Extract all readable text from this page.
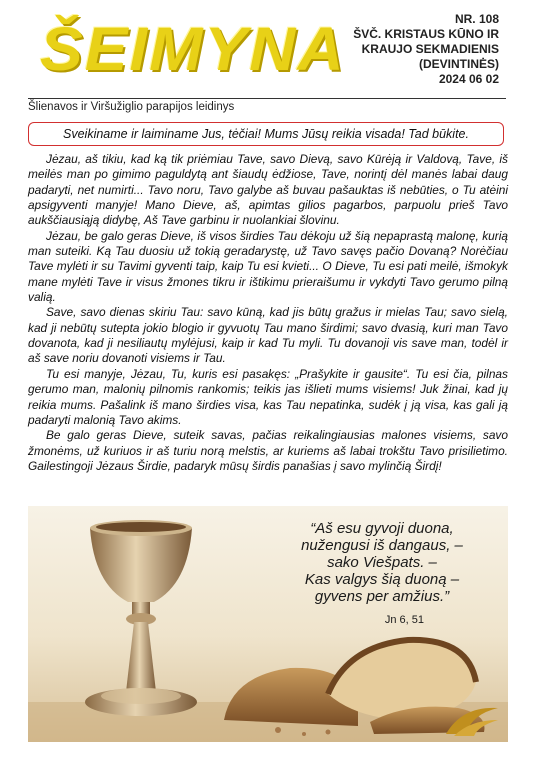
ŠEIMYNA	NR. 108
ŠVČ. KRISTAUS KŪNO IR
KRAUJO SEKMADIENIS
(DEVINTINĖS)
2024 06 02
Šlienavos ir Viršužiglio parapijos leidinys
Sveikiname ir laiminame Jus, tėčiai! Mums Jūsų reikia visada! Tad būkite.

Jėzau, aš tikiu, kad ką tik priėmiau Tave, savo Dievą, savo Kūrėją ir Valdovą, Tave, iš meilės man po gimimo paguldytą ant šiaudų ėdžiose, Tave, norintį dėl manės labai daug padaryti, net numirti... Tavo noru, Tavo galybe aš buvau pašauktas iš nebūties, o Tu atėini apsigyventi manyje! Mano Dieve, aš, apimtas gilios pagarbos, parpuolu prieš Tavo aukščiausiąją didybę, Aš Tave garbinu ir nuolankiai šlovinu.

Jėzau, be galo geras Dieve, iš visos širdies Tau dėkoju už šią nepaprastą malonę, kurią man suteiki. Ką Tau duosiu už tokią geradarystę, už Tavo savęs pačio Dovaną? Norėčiau Tave mylėti ir su Tavimi gyventi taip, kaip Tu esi kvieti... O Dieve, Tu esi pati meilė, išmokyk mane mylėti Tave ir visus žmones tikru ir ištikimu prieraišumu ir vykdyti Tavo gerumo pilną valią.

Save, savo dienas skiriu Tau: savo kūną, kad jis būtų gražus ir mielas Tau; savo sielą, kad ji nebūtų sutepta jokio blogio ir gyvuotų Tau mano širdimi; savo dvasią, kuri man Tavo dovanota, kad ji nesiliautų mylėjusi, kaip ir kad Tu myli. Tu dovanoji vis save man, todėl ir aš save noriu dovanoti visiems ir Tau.

Tu esi manyje, Jėzau, Tu, kuris esi pasakęs: „Prašykite ir gausite“. Tu esi čia, pilnas gerumo man, malonių pilnomis rankomis; teikis jas išlieti mums visiems! Juk žinai, kad jų reikia mums. Pašalink iš mano širdies visa, kas Tau nepatinka, sudėk į ją visa, kas gali ją padaryti malonią Tavo akims.

Be galo geras Dieve, suteik savas, pačias reikalingiausias malones visiems, savo žmonėms, už kuriuos ir aš turiu norą melstis, ar kuriems aš labai trokštu Tavo prisilietimo. Gailestingoji Jėzaus Širdie, padaryk mūsų širdis panašias į savo mylinčią Širdį!

“Aš esu gyvoji duona,
nužengusi iš dangaus, –
sako Viešpats. –
Kas valgys šią duoną –
gyvens per amžius.”
Jn 6, 51
